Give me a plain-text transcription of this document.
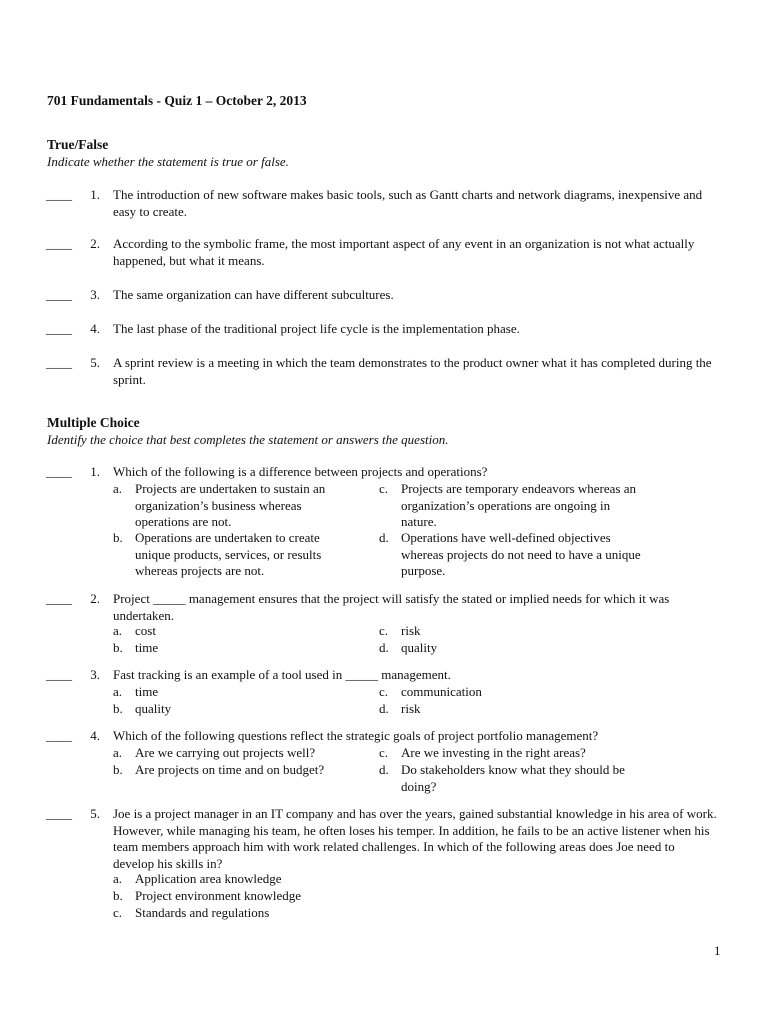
701 Fundamentals - Quiz 1 – October 2, 2013
True/False
Indicate whether the statement is true or false.
____	1. The introduction of new software makes basic tools, such as Gantt charts and network diagrams, inexpensive and easy to create.
____	2. According to the symbolic frame, the most important aspect of any event in an organization is not what actually happened, but what it means.
____	3. The same organization can have different subcultures.
____	4. The last phase of the traditional project life cycle is the implementation phase.
____	5. A sprint review is a meeting in which the team demonstrates to the product owner what it has completed during the sprint.
Multiple Choice
Identify the choice that best completes the statement or answers the question.
____	1. Which of the following is a difference between projects and operations?
a. Projects are undertaken to sustain an organization’s business whereas operations are not.
b. Operations are undertaken to create unique products, services, or results whereas projects are not.
c. Projects are temporary endeavors whereas an organization’s operations are ongoing in nature.
d. Operations have well-defined objectives whereas projects do not need to have a unique purpose.
____	2. Project _____ management ensures that the project will satisfy the stated or implied needs for which it was undertaken.
a. cost
b. time
c. risk
d. quality
____	3. Fast tracking is an example of a tool used in _____ management.
a. time
b. quality
c. communication
d. risk
____	4. Which of the following questions reflect the strategic goals of project portfolio management?
a. Are we carrying out projects well?
b. Are projects on time and on budget?
c. Are we investing in the right areas?
d. Do stakeholders know what they should be doing?
____	5. Joe is a project manager in an IT company and has over the years, gained substantial knowledge in his area of work. However, while managing his team, he often loses his temper. In addition, he fails to be an active listener when his team members approach him with work related challenges. In which of the following areas does Joe need to develop his skills in?
a. Application area knowledge
b. Project environment knowledge
c. Standards and regulations
1
